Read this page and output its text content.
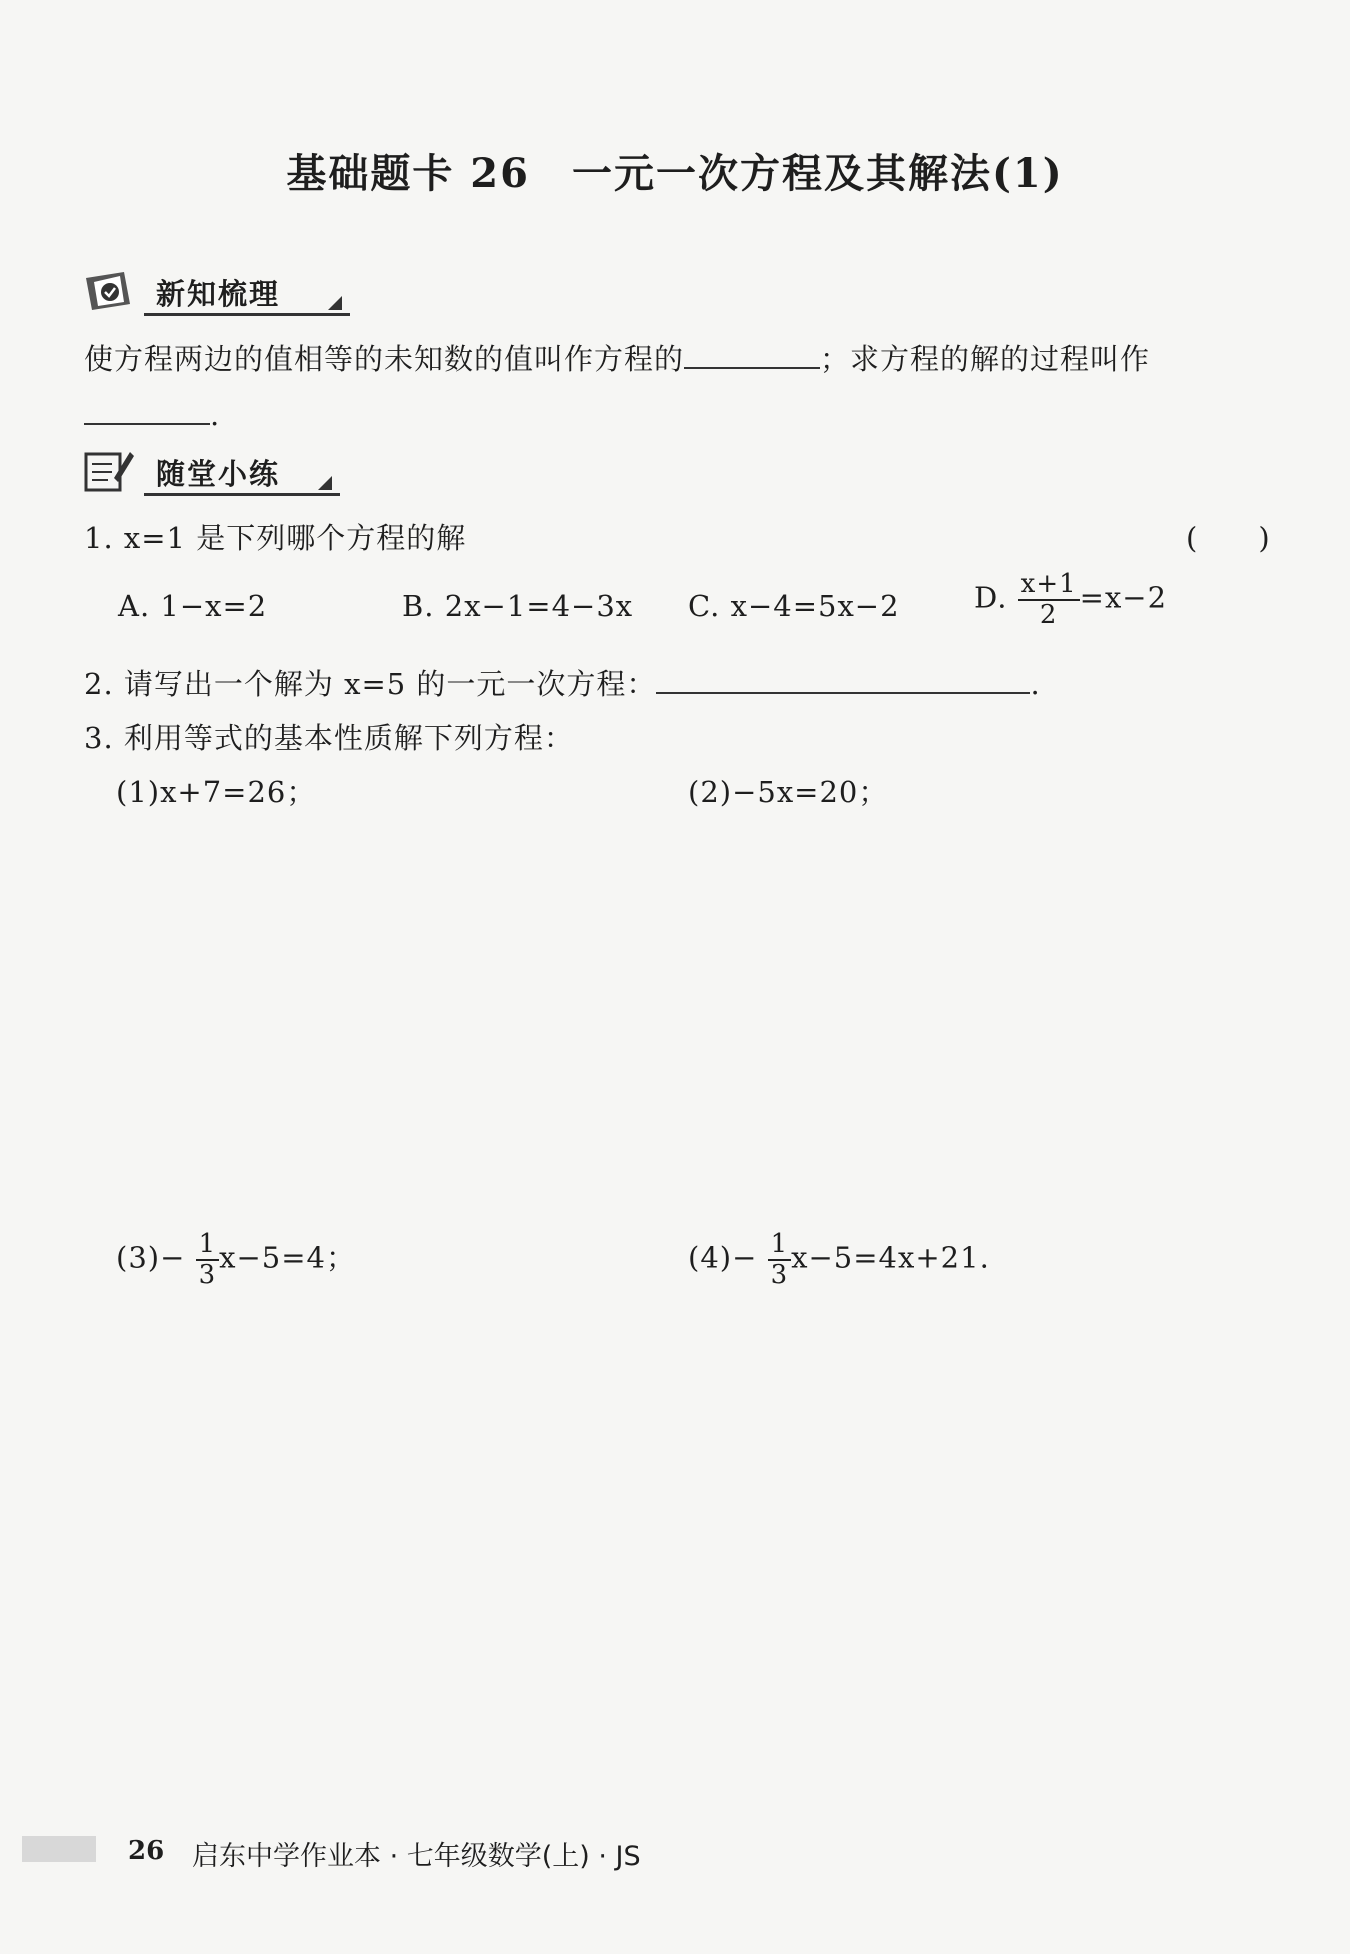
基础题卡 26　一元一次方程及其解法(1)
新知梳理
使方程两边的值相等的未知数的值叫作方程的	；求方程的解的过程叫作
.
随堂小练
1. x=1 是下列哪个方程的解	(　　)
A. 1−x=2	B. 2x−1=4−3x C. x−4=5x−2	D. $\frac{x+1}{2} =x-2$
2. 请写出一个解为 x=5 的一元一次方程：	.
3. 利用等式的基本性质解下列方程：
(1)x+7=26；	(2)−5x=20；
$(3)- \frac{1}{3} x-5=4$；	$(4)- \frac{1}{3} x-5=4x+21$.
26 启东中学作业本 · 七年级数学(上) · JS
